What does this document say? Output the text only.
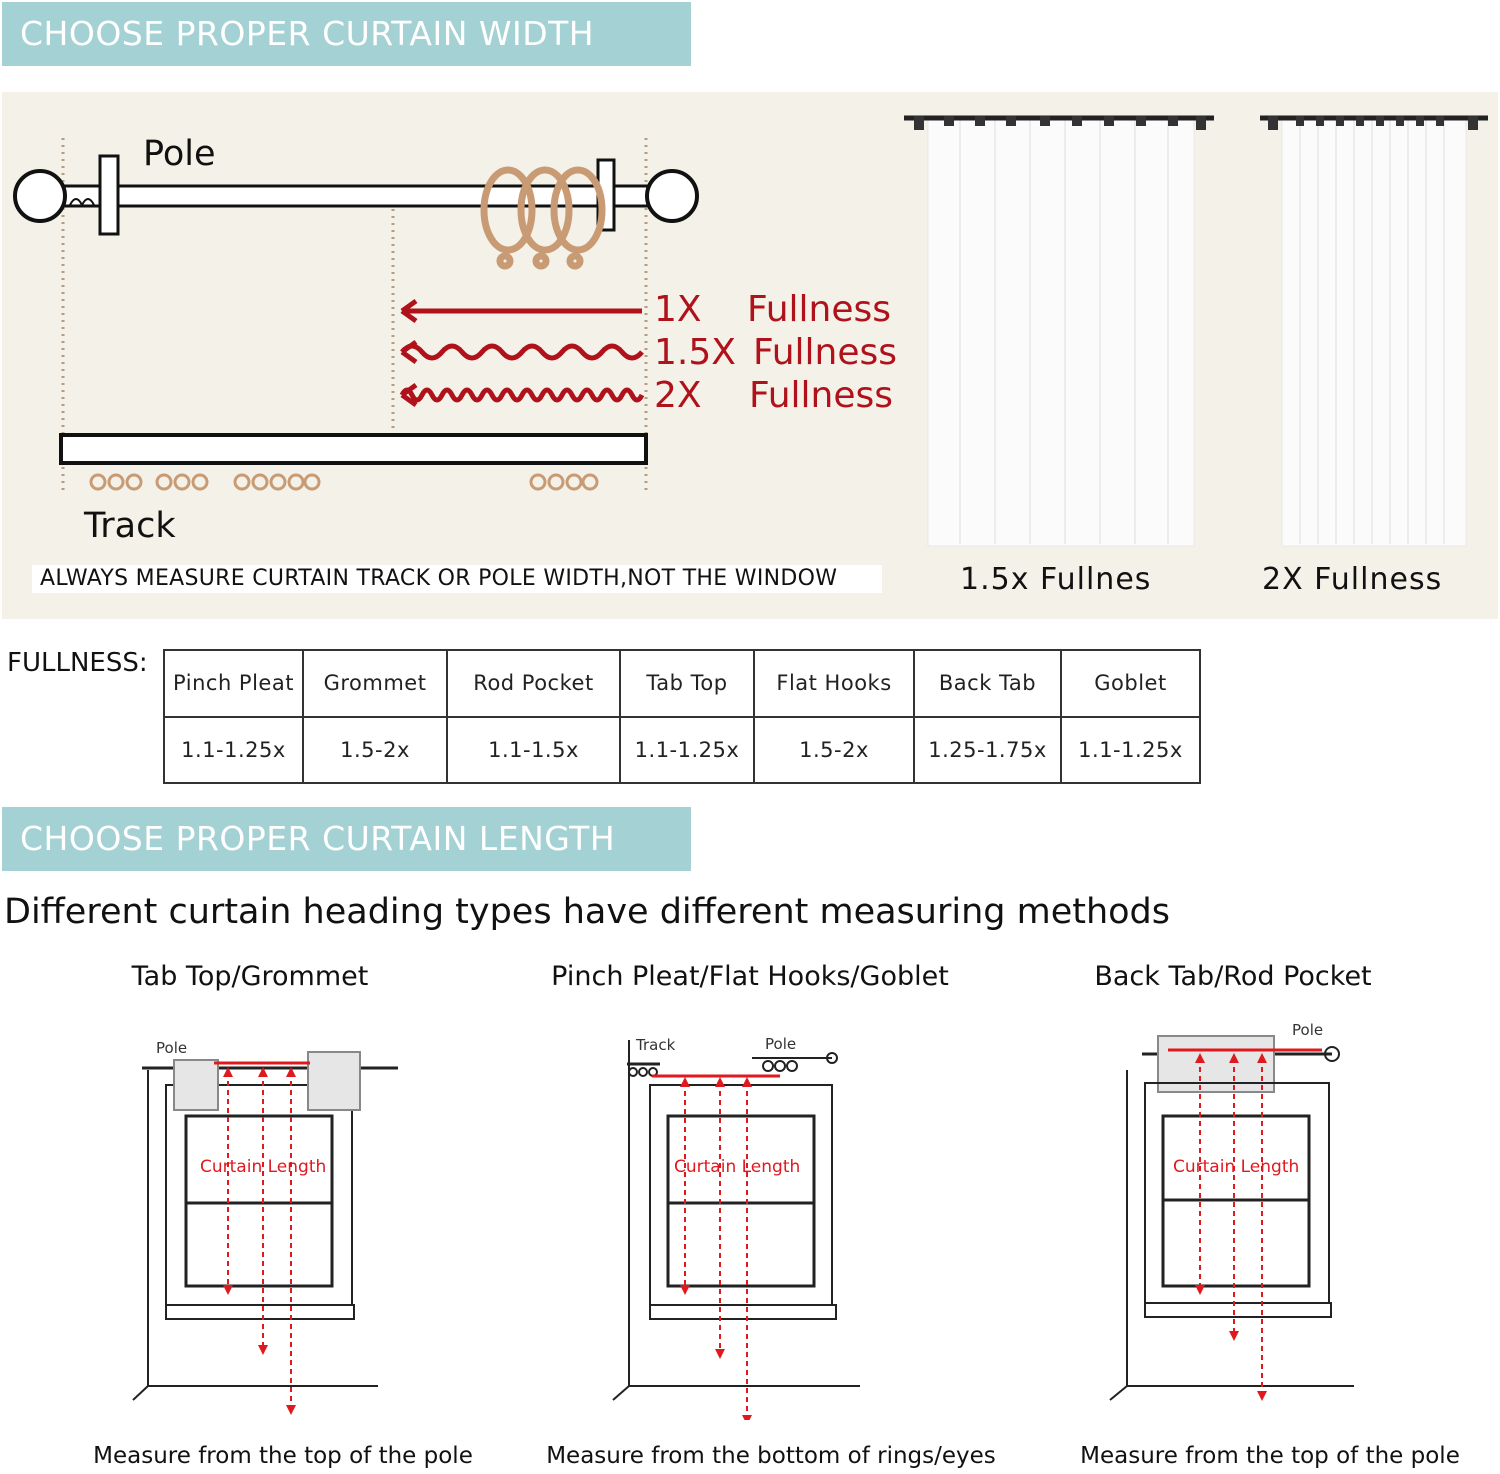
CHOOSE PROPER CURTAIN WIDTH
Pole
Track
1X Fullness
1.5X Fullness
2X Fullness
ALWAYS MEASURE CURTAIN TRACK OR POLE WIDTH,NOT THE WINDOW	1.5x Fullnes	2X Fullness
FULLNESS:
Pinch Pleat	Grommet	Rod Pocket	Tab Top	Flat Hooks	Back Tab	Goblet
1.1-1.25x	1.5-2x	1.1-1.5x	1.1-1.25x	1.5-2x	1.25-1.75x	1.1-1.25x
CHOOSE PROPER CURTAIN LENGTH
Different curtain heading types have different measuring methods
Tab Top/Grommet	Pinch Pleat/Flat Hooks/Goblet	Back Tab/Rod Pocket
Pole	Track	Pole
Pole
Curtain Length	Curtain Length	Curtain Length
Measure from the top of the pole	Measure from the bottom of rings/eyes	Measure from the top of the pole
